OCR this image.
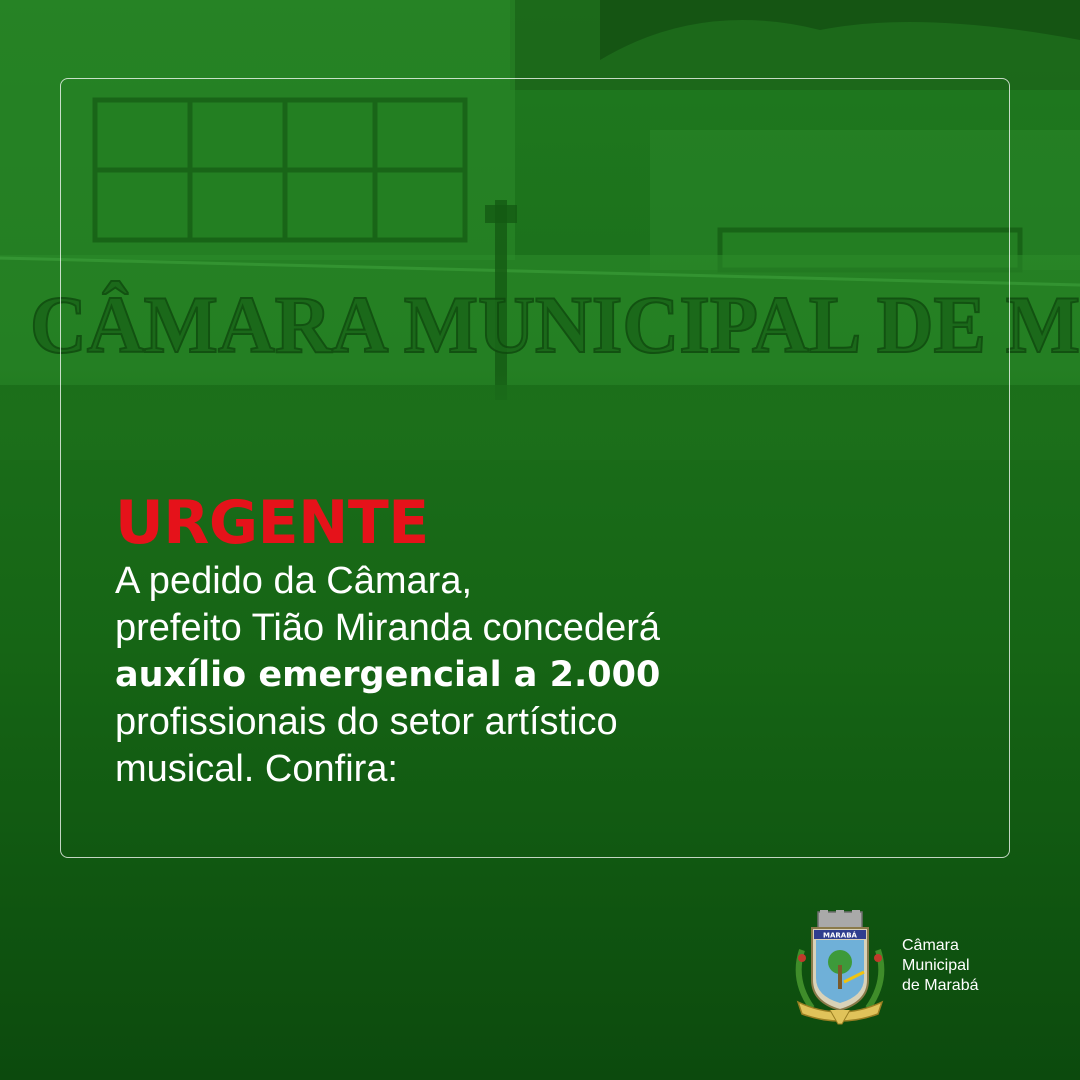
URGENTE

A pedido da Câmara,
prefeito Tião Miranda concederá
auxílio emergencial a 2.000
profissionais do setor artístico
musical. Confira:

MARABÁ
Câmara
Municipal
de Marabá
